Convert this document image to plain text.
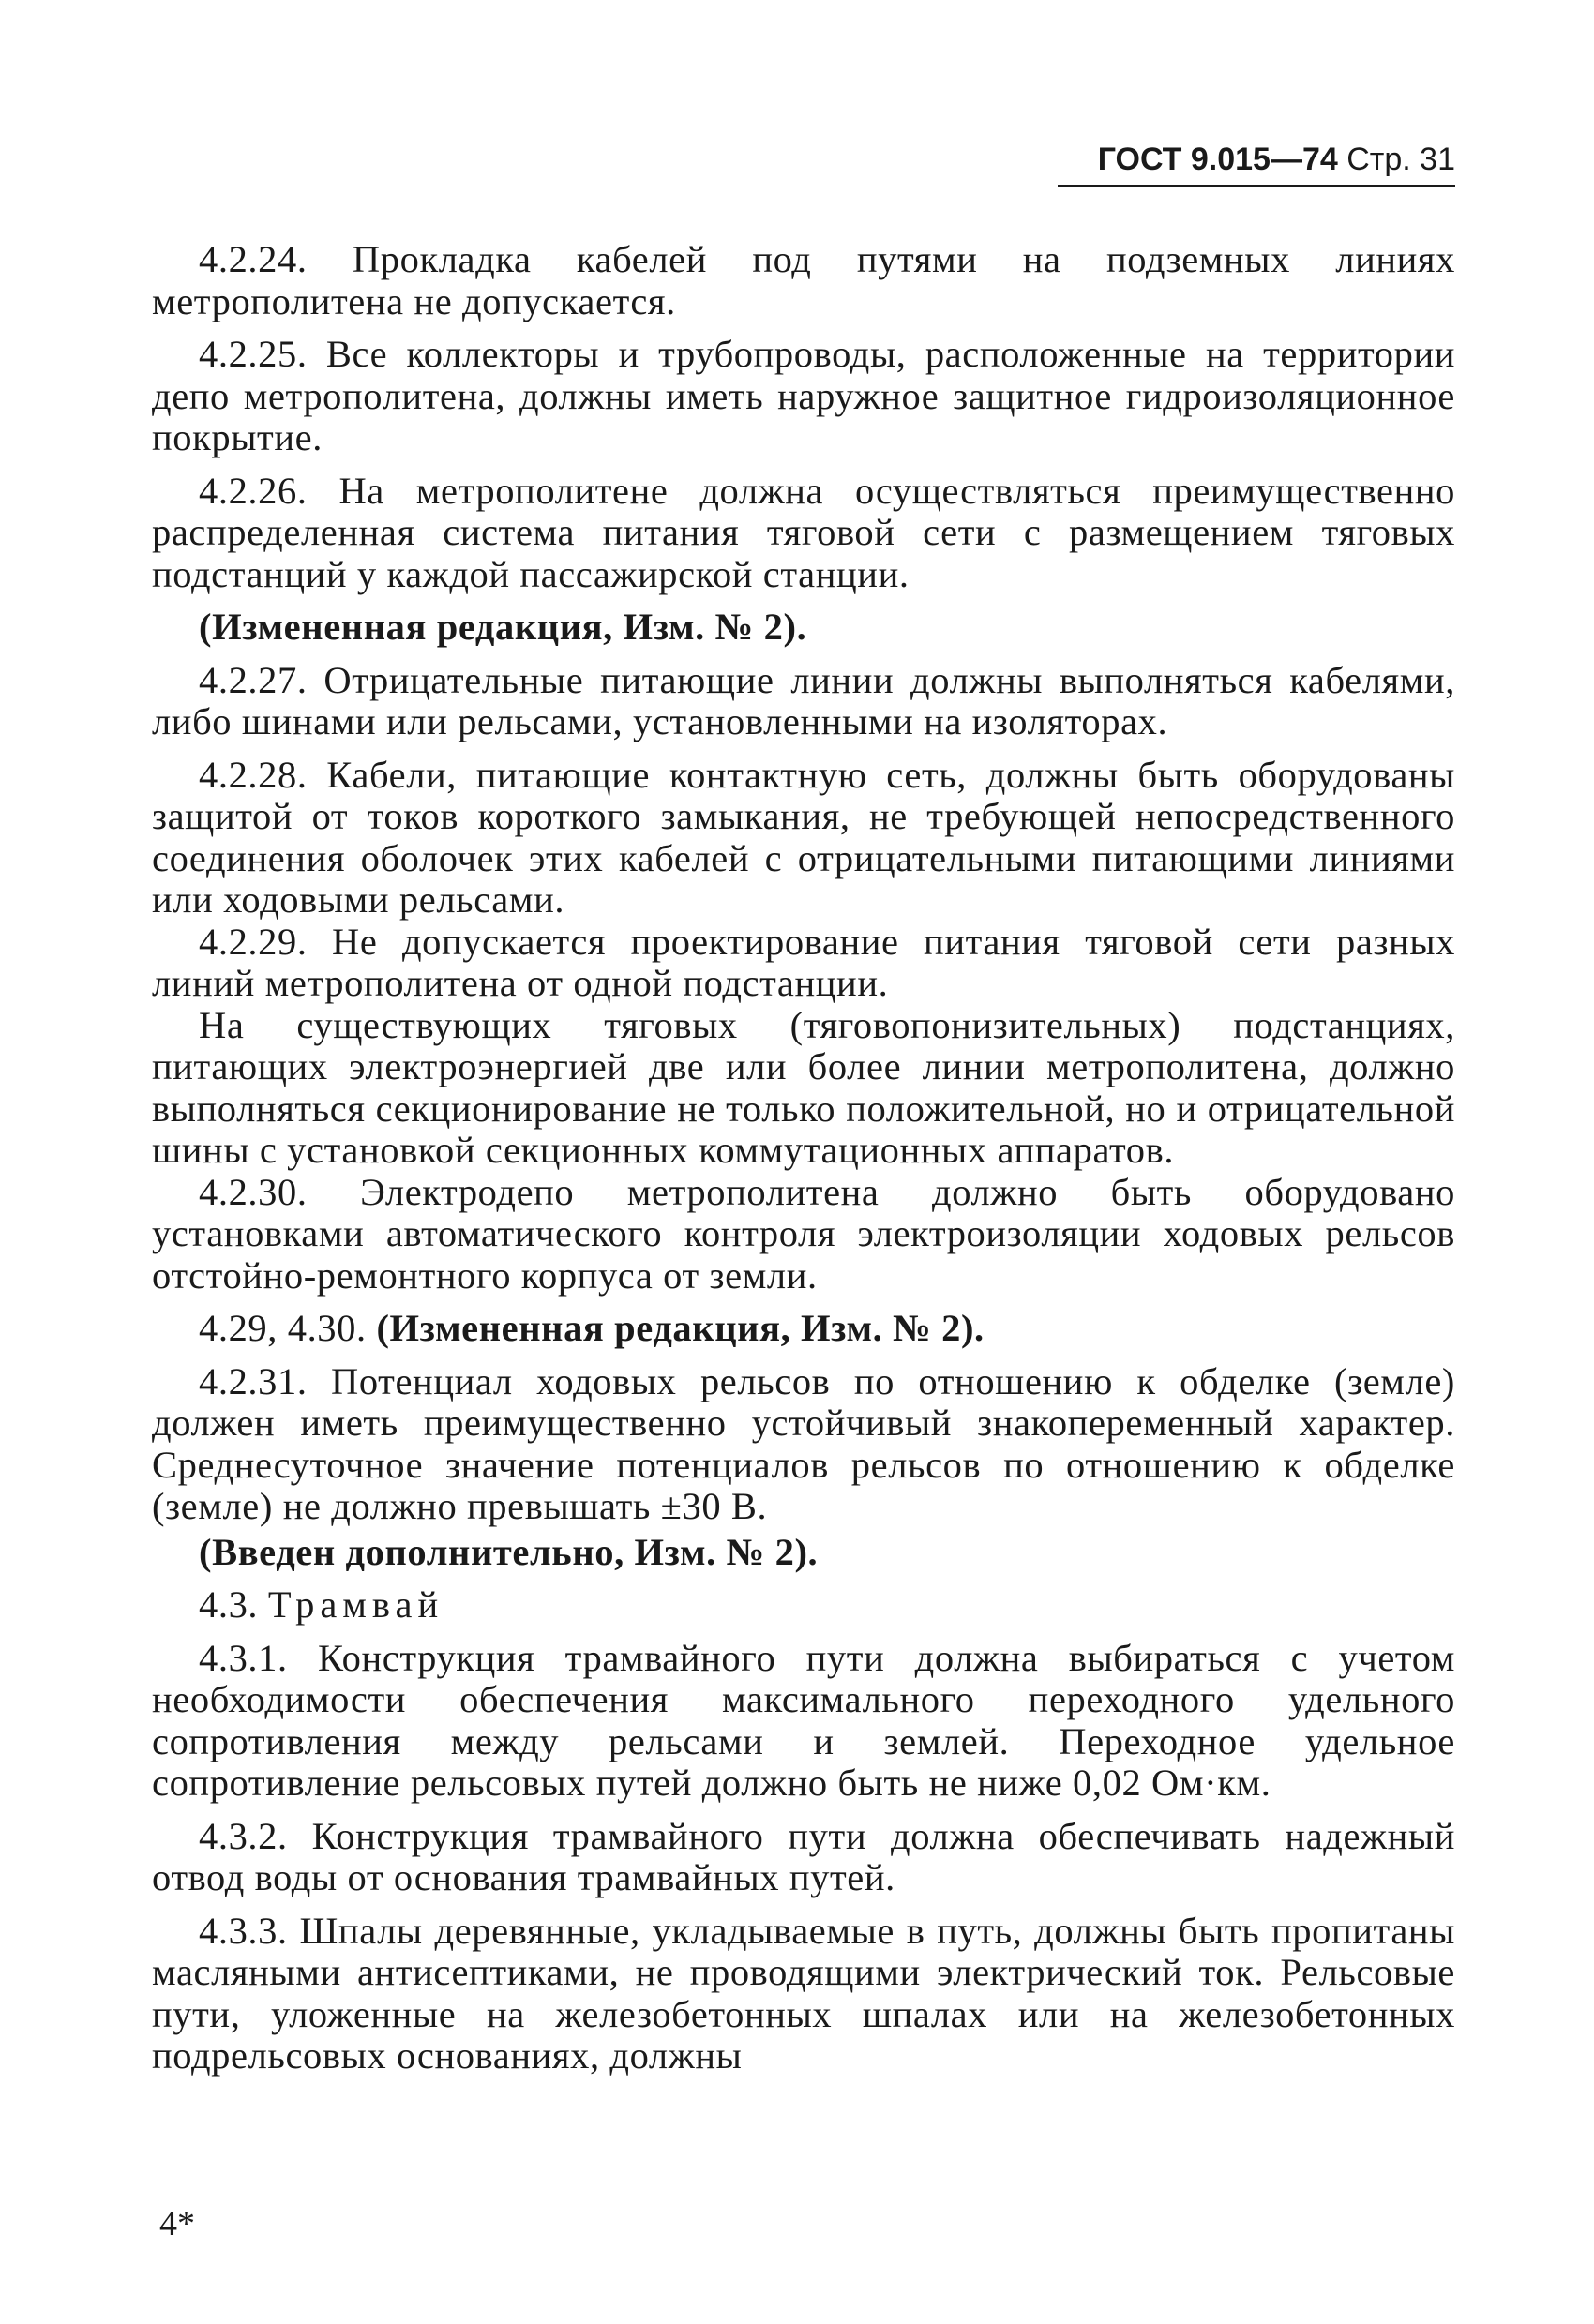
ГОСТ 9.015—74 Стр. 31

4.2.24. Прокладка кабелей под путями на подземных линиях метрополитена не допускается.

4.2.25. Все коллекторы и трубопроводы, расположенные на территории депо метрополитена, должны иметь наружное защитное гидроизоляционное покрытие.

4.2.26. На метрополитене должна осуществляться преимущественно распределенная система питания тяговой сети с размещением тяговых подстанций у каждой пассажирской станции.

(Измененная редакция, Изм. № 2).

4.2.27. Отрицательные питающие линии должны выполняться кабелями, либо шинами или рельсами, установленными на изоляторах.

4.2.28. Кабели, питающие контактную сеть, должны быть оборудованы защитой от токов короткого замыкания, не требующей непосредственного соединения оболочек этих кабелей с отрицательными питающими линиями или ходовыми рельсами.

4.2.29. Не допускается проектирование питания тяговой сети разных линий метрополитена от одной подстанции.

На существующих тяговых (тяговопонизительных) подстанциях, питающих электроэнергией две или более линии метрополитена, должно выполняться секционирование не только положительной, но и отрицательной шины с установкой секционных коммутационных аппаратов.

4.2.30. Электродепо метрополитена должно быть оборудовано установками автоматического контроля электроизоляции ходовых рельсов отстойно-ремонтного корпуса от земли.

4.29, 4.30. (Измененная редакция, Изм. № 2).

4.2.31. Потенциал ходовых рельсов по отношению к обделке (земле) должен иметь преимущественно устойчивый знакопеременный характер. Среднесуточное значение потенциалов рельсов по отношению к обделке (земле) не должно превышать ±30 В.

(Введен дополнительно, Изм. № 2).

4.3. Трамвай

4.3.1. Конструкция трамвайного пути должна выбираться с учетом необходимости обеспечения максимального переходного удельного сопротивления между рельсами и землей. Переходное удельное сопротивление рельсовых путей должно быть не ниже 0,02 Ом·км.

4.3.2. Конструкция трамвайного пути должна обеспечивать надежный отвод воды от основания трамвайных путей.

4.3.3. Шпалы деревянные, укладываемые в путь, должны быть пропитаны масляными антисептиками, не проводящими электрический ток. Рельсовые пути, уложенные на железобетонных шпалах или на железобетонных подрельсовых основаниях, должны

4*
